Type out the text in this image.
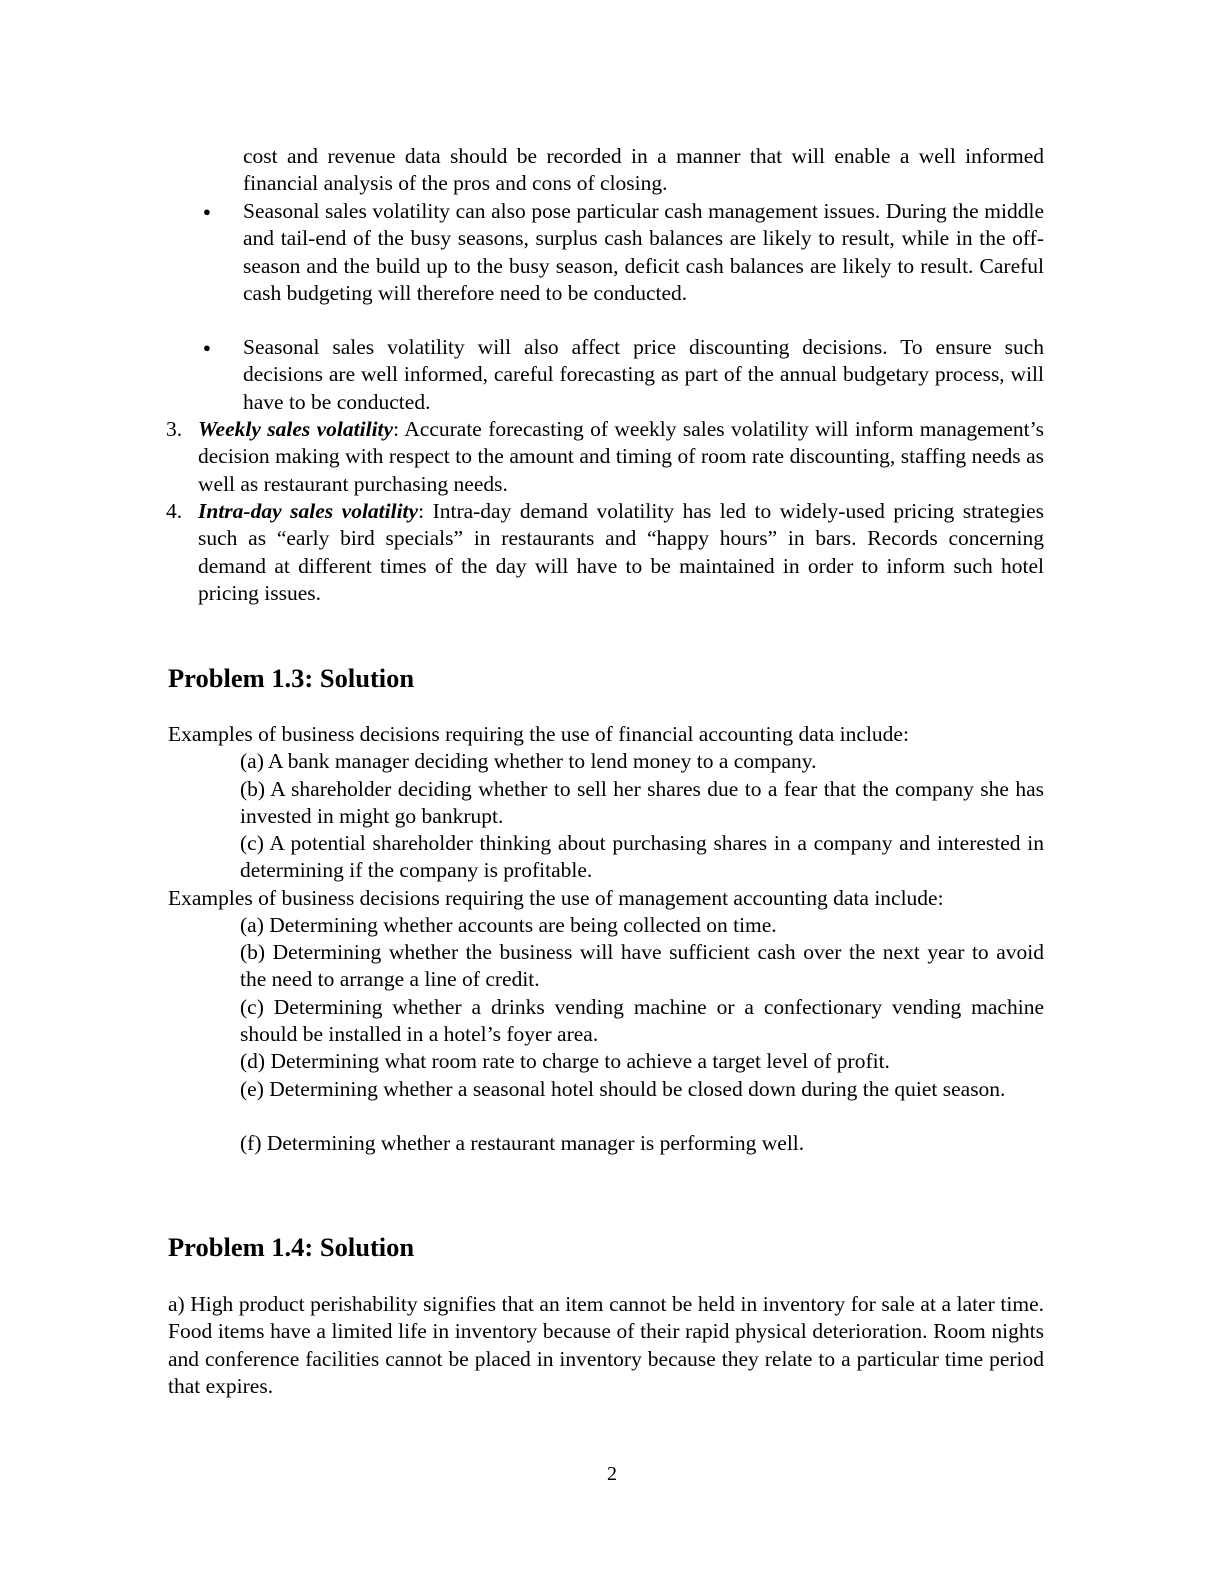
cost and revenue data should be recorded in a manner that will enable a well informed financial analysis of the pros and cons of closing.

● Seasonal sales volatility can also pose particular cash management issues. During the middle and tail-end of the busy seasons, surplus cash balances are likely to result, while in the off-season and the build up to the busy season, deficit cash balances are likely to result. Careful cash budgeting will therefore need to be conducted.

● Seasonal sales volatility will also affect price discounting decisions. To ensure such decisions are well informed, careful forecasting as part of the annual budgetary process, will have to be conducted.

3. Weekly sales volatility: Accurate forecasting of weekly sales volatility will inform management’s decision making with respect to the amount and timing of room rate discounting, staffing needs as well as restaurant purchasing needs.

4. Intra-day sales volatility: Intra-day demand volatility has led to widely-used pricing strategies such as “early bird specials” in restaurants and “happy hours” in bars. Records concerning demand at different times of the day will have to be maintained in order to inform such hotel pricing issues.

Problem 1.3: Solution

Examples of business decisions requiring the use of financial accounting data include:

(a) A bank manager deciding whether to lend money to a company.

(b) A shareholder deciding whether to sell her shares due to a fear that the company she has invested in might go bankrupt.

(c) A potential shareholder thinking about purchasing shares in a company and interested in determining if the company is profitable.

Examples of business decisions requiring the use of management accounting data include:

(a) Determining whether accounts are being collected on time.

(b) Determining whether the business will have sufficient cash over the next year to avoid the need to arrange a line of credit.

(c) Determining whether a drinks vending machine or a confectionary vending machine should be installed in a hotel’s foyer area.

(d) Determining what room rate to charge to achieve a target level of profit.

(e) Determining whether a seasonal hotel should be closed down during the quiet season.

(f) Determining whether a restaurant manager is performing well.

Problem 1.4: Solution

a) High product perishability signifies that an item cannot be held in inventory for sale at a later time. Food items have a limited life in inventory because of their rapid physical deterioration. Room nights and conference facilities cannot be placed in inventory because they relate to a particular time period that expires.

2
